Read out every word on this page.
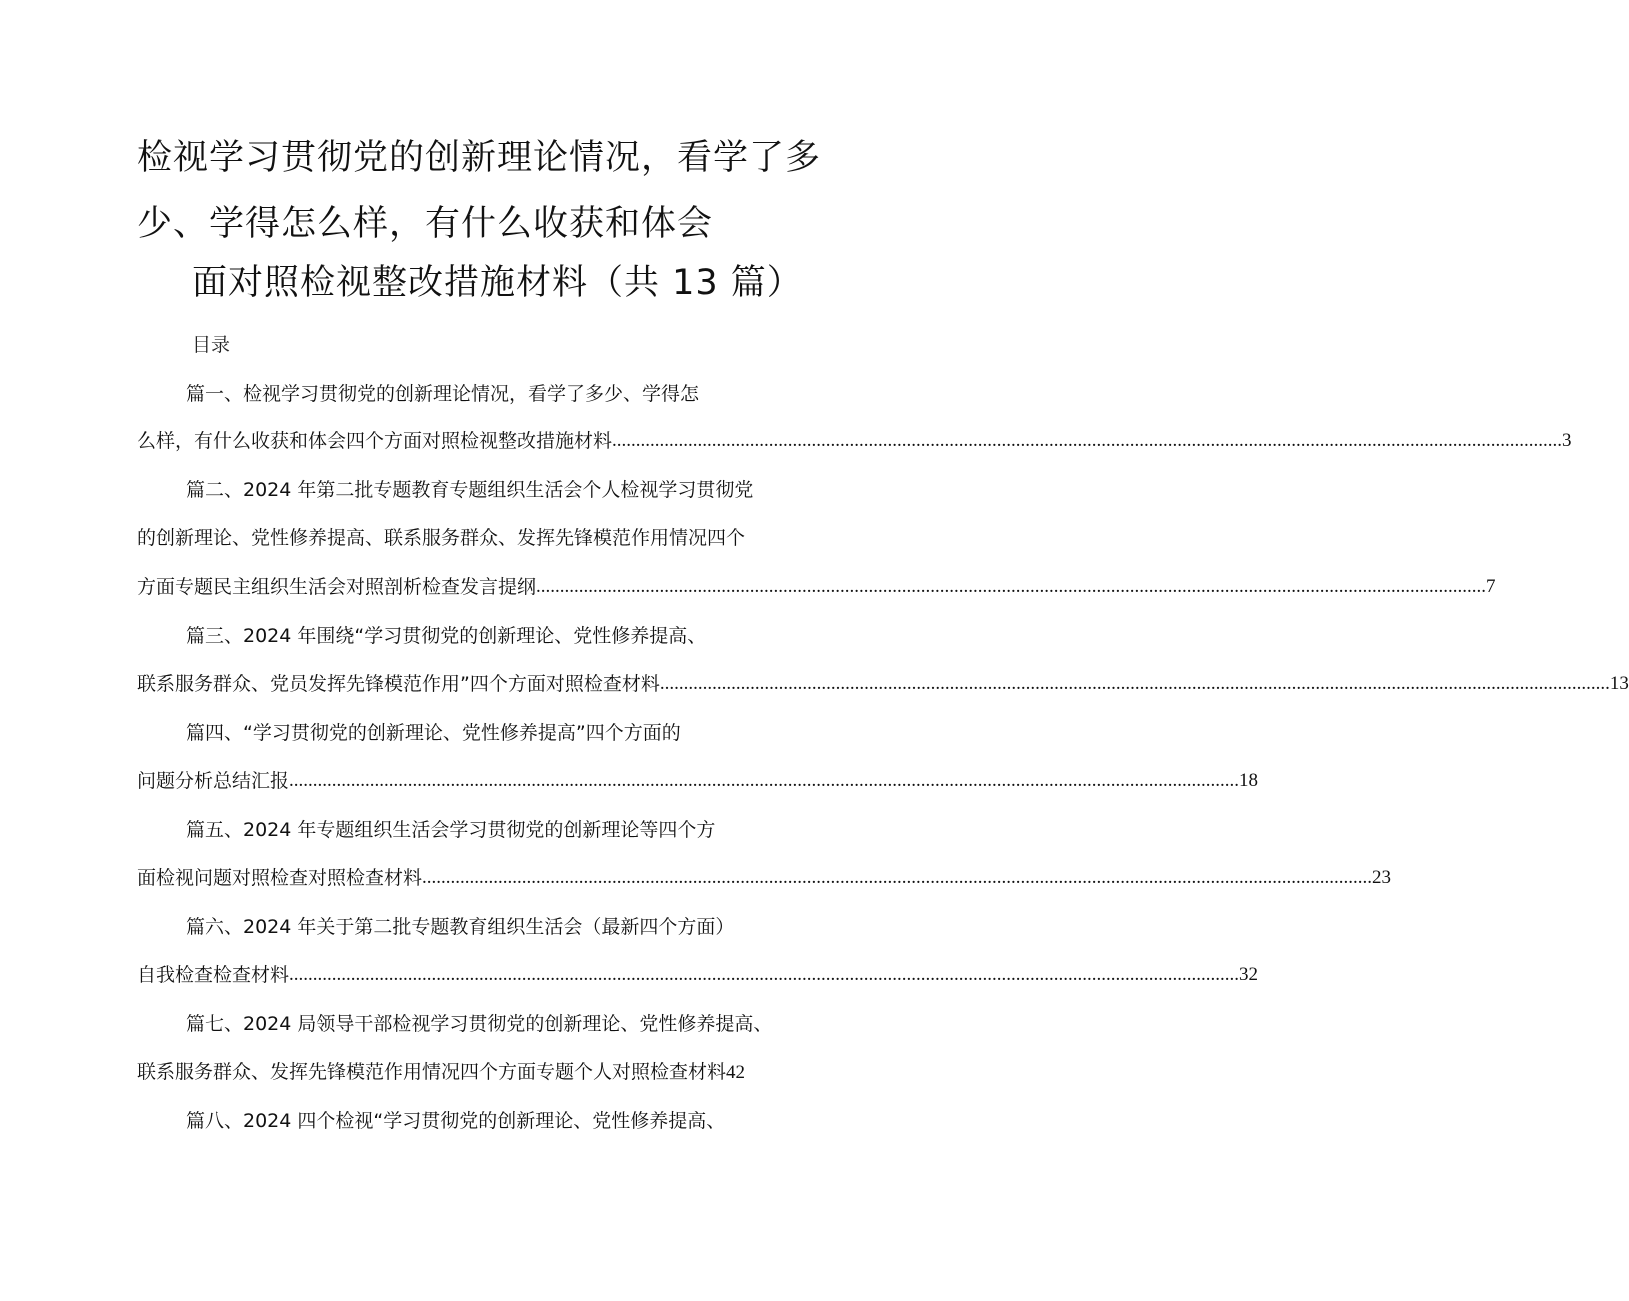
检视学习贯彻党的创新理论情况，看学了多
少、学得怎么样，有什么收获和体会
面对照检视整改措施材料（共 13 篇）
目录
篇一、检视学习贯彻党的创新理论情况，看学了多少、学得怎
么样，有什么收获和体会四个方面对照检视整改措施材料 ........................................................................................................................................................................................................ 3
篇二、2024 年第二批专题教育专题组织生活会个人检视学习贯彻党
的创新理论、党性修养提高、联系服务群众、发挥先锋模范作用情况四个
方面专题民主组织生活会对照剖析检查发言提纲 ........................................................................................................................................................................................................ 7
篇三、2024 年围绕“学习贯彻党的创新理论、党性修养提高、
联系服务群众、党员发挥先锋模范作用”四个方面对照检查材料 ........................................................................................................................................................................................................ 13
篇四、“学习贯彻党的创新理论、党性修养提高”四个方面的
问题分析总结汇报 ........................................................................................................................................................................................................ 18
篇五、2024 年专题组织生活会学习贯彻党的创新理论等四个方
面检视问题对照检查对照检查材料 ........................................................................................................................................................................................................ 23
篇六、2024 年关于第二批专题教育组织生活会（最新四个方面）
自我检查检查材料 ........................................................................................................................................................................................................ 32
篇七、2024 局领导干部检视学习贯彻党的创新理论、党性修养提高、
联系服务群众、发挥先锋模范作用情况四个方面专题个人对照检查材料42
篇八、2024 四个检视“学习贯彻党的创新理论、党性修养提高、
